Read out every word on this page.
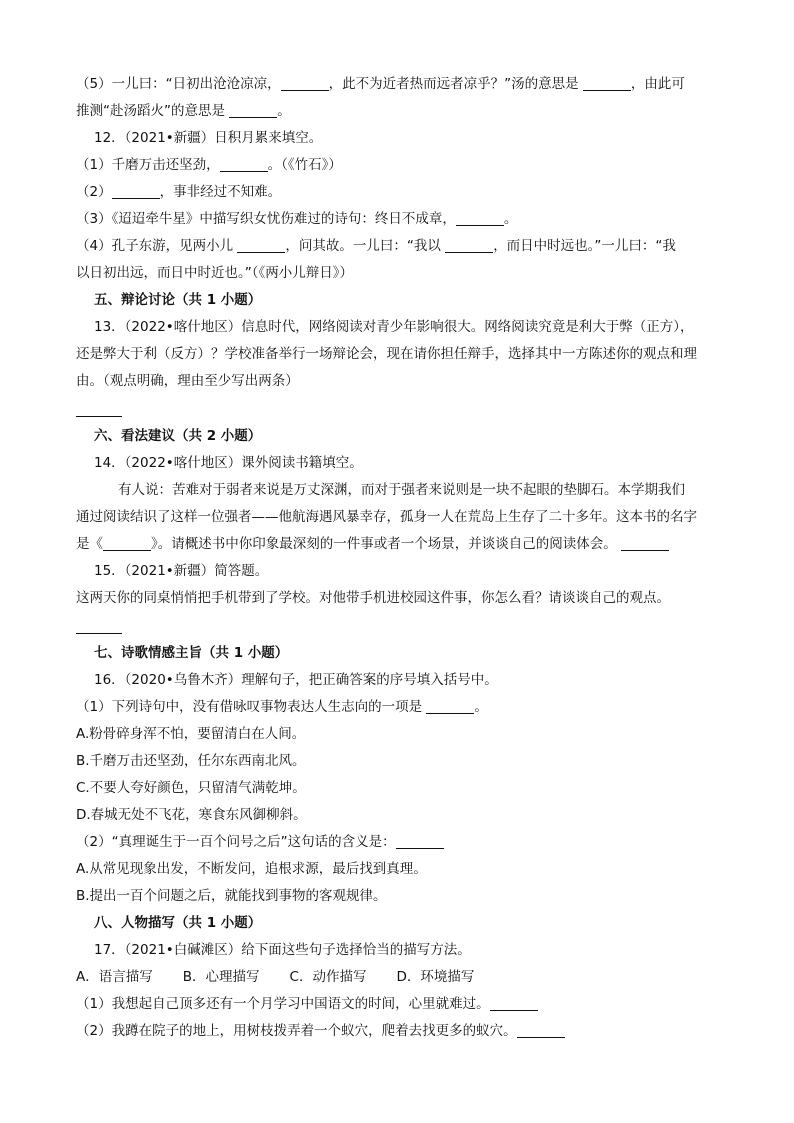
（5）一儿曰：“日初出沧沧凉凉，	，此不为近者热而远者凉乎？”汤的意思是	，由此可
推测“赴汤蹈火”的意思是	。
12．（2021•新疆）日积月累来填空。
（1）千磨万击还坚劲，	。（《竹石》）
（2）	，事非经过不知难。
（3）《迢迢牵牛星》中描写织女忧伤难过的诗句：终日不成章，	。
（4）孔子东游，见两小儿	，问其故。一儿曰：“我以	，而日中时远也。”一儿曰：“我
以日初出远，而日中时近也。”（《两小儿辩日》）
五、辩论讨论（共 1 小题）
13．（2022•喀什地区）信息时代，网络阅读对青少年影响很大。网络阅读究竟是利大于弊（正方），
还是弊大于利（反方）？学校准备举行一场辩论会，现在请你担任辩手，选择其中一方陈述你的观点和理
由。（观点明确，理由至少写出两条）
六、看法建议（共 2 小题）
14．（2022•喀什地区）课外阅读书籍填空。
有人说：苦难对于弱者来说是万丈深渊，而对于强者来说则是一块不起眼的垫脚石。本学期我们
通过阅读结识了这样一位强者——他航海遇风暴幸存，孤身一人在荒岛上生存了二十多年。这本书的名字
是《	》。请概述书中你印象最深刻的一件事或者一个场景，并谈谈自己的阅读体会。
15．（2021•新疆）简答题。
这两天你的同桌悄悄把手机带到了学校。对他带手机进校园这件事，你怎么看？请谈谈自己的观点。
七、诗歌情感主旨（共 1 小题）
16．（2020•乌鲁木齐）理解句子，把正确答案的序号填入括号中。
（1）下列诗句中，没有借咏叹事物表达人生志向的一项是	。
A.粉骨碎身浑不怕，要留清白在人间。
B.千磨万击还坚劲，任尔东西南北风。
C.不要人夸好颜色，只留清气满乾坤。
D.春城无处不飞花，寒食东风御柳斜。
（2）“真理诞生于一百个问号之后”这句话的含义是：
A.从常见现象出发，不断发问，追根求源，最后找到真理。
B.提出一百个问题之后，就能找到事物的客观规律。
八、人物描写（共 1 小题）
17．（2021•白碱滩区）给下面这些句子选择恰当的描写方法。
A．语言描写 B．心理描写 C．动作描写 D．环境描写
（1）我想起自己顶多还有一个月学习中国语文的时间，心里就难过。
（2）我蹲在院子的地上，用树枝拨弄着一个蚁穴，爬着去找更多的蚁穴。
